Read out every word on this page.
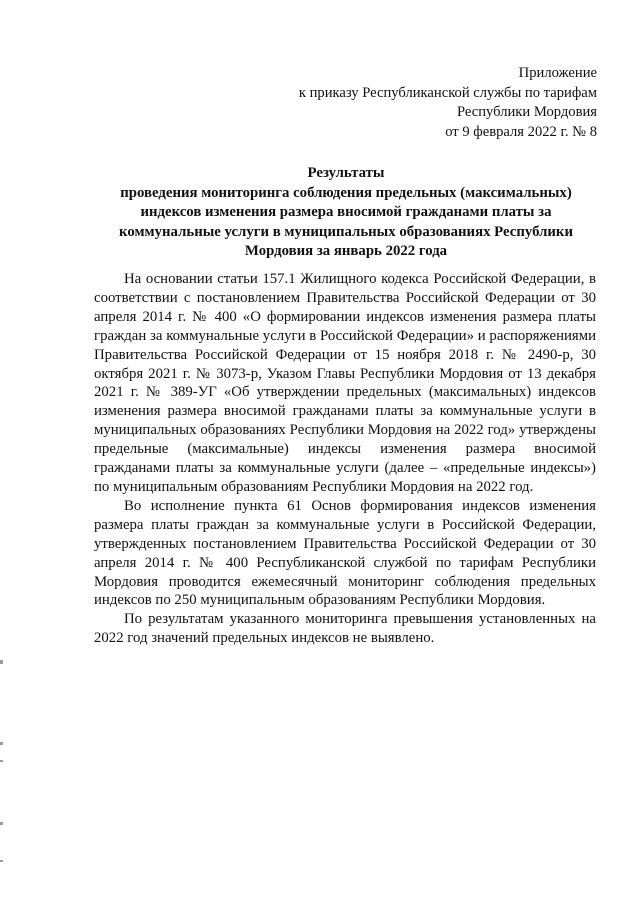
Приложение
к приказу Республиканской службы по тарифам
Республики Мордовия
от 9 февраля 2022 г. № 8
Результаты
проведения мониторинга соблюдения предельных (максимальных)
индексов изменения размера вносимой гражданами платы за
коммунальные услуги в муниципальных образованиях Республики
Мордовия за январь 2022 года

На основании статьи 157.1 Жилищного кодекса Российской Федерации, в соответствии с постановлением Правительства Российской Федерации от 30 апреля 2014 г. № 400 «О формировании индексов изменения размера платы граждан за коммунальные услуги в Российской Федерации» и распоряжениями Правительства Российской Федерации от 15 ноября 2018 г. № 2490-р, 30 октября 2021 г. № 3073-р, Указом Главы Республики Мордовия от 13 декабря 2021 г. № 389-УГ «Об утверждении предельных (максимальных) индексов изменения размера вносимой гражданами платы за коммунальные услуги в муниципальных образованиях Республики Мордовия на 2022 год» утверждены предельные (максимальные) индексы изменения размера вносимой гражданами платы за коммунальные услуги (далее – «предельные индексы») по муниципальным образованиям Республики Мордовия на 2022 год.

Во исполнение пункта 61 Основ формирования индексов изменения размера платы граждан за коммунальные услуги в Российской Федерации, утвержденных постановлением Правительства Российской Федерации от 30 апреля 2014 г. № 400 Республиканской службой по тарифам Республики Мордовия проводится ежемесячный мониторинг соблюдения предельных индексов по 250 муниципальным образованиям Республики Мордовия.

По результатам указанного мониторинга превышения установленных на 2022 год значений предельных индексов не выявлено.
